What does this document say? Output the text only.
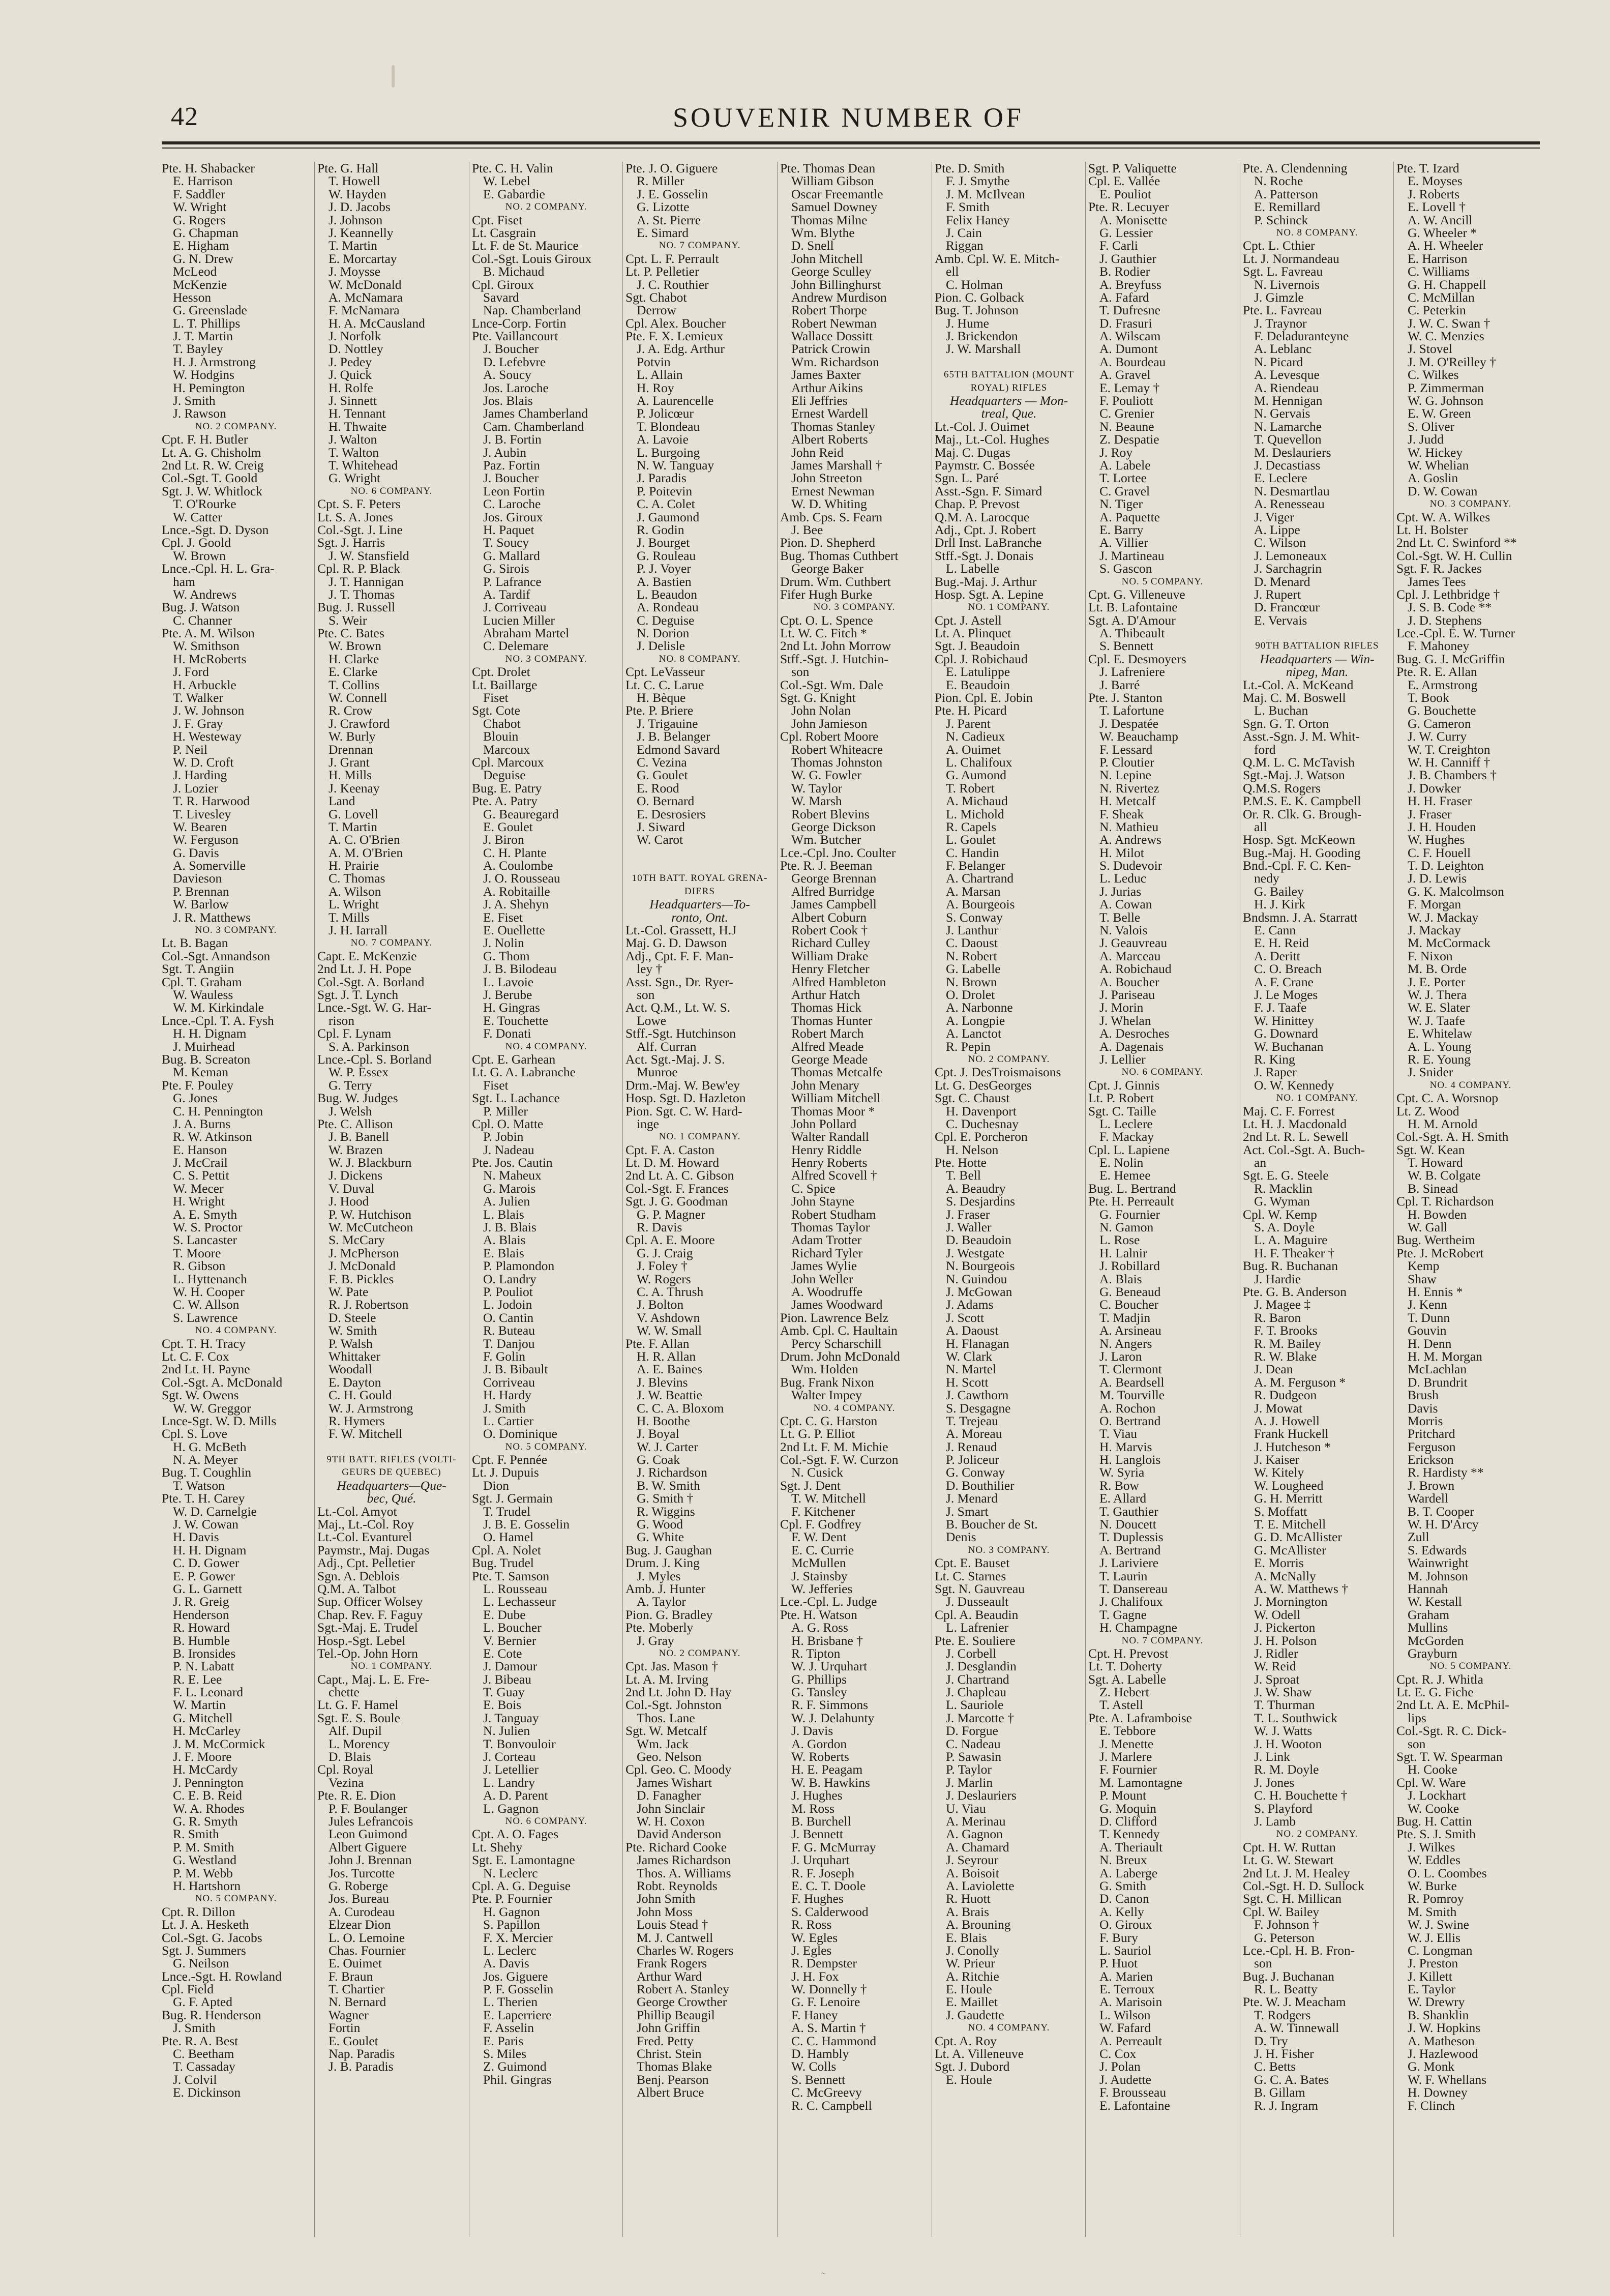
42	SOUVENIR NUMBER OF
Pte. H. Shabacker
E. Harrison
F. Saddler
W. Wright
G. Rogers
G. Chapman
E. Higham
G. N. Drew
McLeod
McKenzie
Hesson
G. Greenslade
L. T. Phillips
J. T. Martin
T. Bayley
H. J. Armstrong
W. Hodgins
H. Pemington
J. Smith
J. Rawson
NO. 2 COMPANY.
Cpt. F. H. Butler
Lt. A. G. Chisholm
2nd Lt. R. W. Creig
Col.-Sgt. T. Goold
Sgt. J. W. Whitlock
T. O'Rourke
W. Catter
Lnce.-Sgt. D. Dyson
Cpl. J. Goold
W. Brown
Lnce.-Cpl. H. L. Gra-
ham
W. Andrews
Bug. J. Watson
C. Channer
Pte. A. M. Wilson
W. Smithson
H. McRoberts
J. Ford
H. Arbuckle
T. Walker
J. W. Johnson
J. F. Gray
H. Westeway
P. Neil
W. D. Croft
J. Harding
J. Lozier
T. R. Harwood
T. Livesley
W. Bearen
W. Ferguson
G. Davis
A. Somerville
Davieson
P. Brennan
W. Barlow
J. R. Matthews
NO. 3 COMPANY.
Lt. B. Bagan
Col.-Sgt. Annandson
Sgt. T. Angiin
Cpl. T. Graham
W. Wauless
W. M. Kirkindale
Lnce.-Cpl. T. A. Fysh
H. H. Dignam
J. Muirhead
Bug. B. Screaton
M. Keman
Pte. F. Pouley
G. Jones
C. H. Pennington
J. A. Burns
R. W. Atkinson
E. Hanson
J. McCrail
C. S. Pettit
W. Mecer
H. Wright
A. E. Smyth
W. S. Proctor
S. Lancaster
T. Moore
R. Gibson
L. Hyttenanch
W. H. Cooper
C. W. Allson
S. Lawrence
NO. 4 COMPANY.
Cpt. T. H. Tracy
Lt. C. F. Cox
2nd Lt. H. Payne
Col.-Sgt. A. McDonald
Sgt. W. Owens
W. W. Greggor
Lnce-Sgt. W. D. Mills
Cpl. S. Love
H. G. McBeth
N. A. Meyer
Bug. T. Coughlin
T. Watson
Pte. T. H. Carey
W. D. Carnelgie
J. W. Cowan
H. Davis
H. H. Dignam
C. D. Gower
E. P. Gower
G. L. Garnett
J. R. Greig
Henderson
R. Howard
B. Humble
B. Ironsides
P. N. Labatt
R. E. Lee
F. L. Leonard
W. Martin
G. Mitchell
H. McCarley
J. M. McCormick
J. F. Moore
H. McCardy
J. Pennington
C. E. B. Reid
W. A. Rhodes
G. R. Smyth
R. Smith
P. M. Smith
G. Westland
P. M. Webb
H. Hartshorn
NO. 5 COMPANY.
Cpt. R. Dillon
Lt. J. A. Hesketh
Col.-Sgt. G. Jacobs
Sgt. J. Summers
G. Neilson
Lnce.-Sgt. H. Rowland
Cpl. Field
G. F. Apted
Bug. R. Henderson
J. Smith
Pte. R. A. Best
C. Beetham
T. Cassaday
J. Colvil
E. Dickinson
Pte. G. Hall
T. Howell
W. Hayden
J. D. Jacobs
J. Johnson
J. Keannelly
T. Martin
E. Morcartay
J. Moysse
W. McDonald
A. McNamara
F. McNamara
H. A. McCausland
J. Norfolk
D. Nottley
J. Pedey
J. Quick
H. Rolfe
J. Sinnett
H. Tennant
H. Thwaite
J. Walton
T. Walton
T. Whitehead
G. Wright
NO. 6 COMPANY.
Cpt. S. F. Peters
Lt. S. A. Jones
Col.-Sgt. J. Line
Sgt. J. Harris
J. W. Stansfield
Cpl. R. P. Black
J. T. Hannigan
J. T. Thomas
Bug. J. Russell
S. Weir
Pte. C. Bates
W. Brown
H. Clarke
E. Clarke
T. Collins
W. Connell
R. Crow
J. Crawford
W. Burly
Drennan
J. Grant
H. Mills
J. Keenay
Land
G. Lovell
T. Martin
A. C. O'Brien
A. M. O'Brien
H. Prairie
C. Thomas
A. Wilson
L. Wright
T. Mills
J. H. Iarrall
NO. 7 COMPANY.
Capt. E. McKenzie
2nd Lt. J. H. Pope
Col.-Sgt. A. Borland
Sgt. J. T. Lynch
Lnce.-Sgt. W. G. Har-
rison
Cpl. F. Lynam
S. A. Parkinson
Lnce.-Cpl. S. Borland
W. P. Essex
G. Terry
Bug. W. Judges
J. Welsh
Pte. C. Allison
J. B. Banell
W. Brazen
W. J. Blackburn
J. Dickens
V. Duval
J. Hood
P. W. Hutchison
W. McCutcheon
S. McCary
J. McPherson
J. McDonald
F. B. Pickles
W. Pate
R. J. Robertson
D. Steele
W. Smith
P. Walsh
Whittaker
Woodall
E. Dayton
C. H. Gould
W. J. Armstrong
R. Hymers
F. W. Mitchell
9TH BATT. RIFLES (VOLTI-
GEURS DE QUEBEC)
Headquarters—Que-
bec, Qué.
Lt.-Col. Amyot
Maj., Lt.-Col. Roy
Lt.-Col. Evanturel
Paymstr., Maj. Dugas
Adj., Cpt. Pelletier
Sgn. A. Deblois
Q.M. A. Talbot
Sup. Officer Wolsey
Chap. Rev. F. Faguy
Sgt.-Maj. E. Trudel
Hosp.-Sgt. Lebel
Tel.-Op. John Horn
NO. 1 COMPANY.
Capt., Maj. L. E. Fre-
chette
Lt. G. F. Hamel
Sgt. E. S. Boule
Alf. Dupil
L. Morency
D. Blais
Cpl. Royal
Vezina
Pte. R. E. Dion
P. F. Boulanger
Jules Lefrancois
Leon Guimond
Albert Giguere
John J. Brennan
Jos. Turcotte
G. Roberge
Jos. Bureau
A. Curodeau
Elzear Dion
L. O. Lemoine
Chas. Fournier
E. Ouimet
F. Braun
T. Chartier
N. Bernard
Wagner
Fortin
E. Goulet
Nap. Paradis
J. B. Paradis
Pte. C. H. Valin
W. Lebel
E. Gabardie
NO. 2 COMPANY.
Cpt. Fiset
Lt. Casgrain
Lt. F. de St. Maurice
Col.-Sgt. Louis Giroux
B. Michaud
Cpl. Giroux
Savard
Nap. Chamberland
Lnce-Corp. Fortin
Pte. Vaillancourt
J. Boucher
D. Lefebvre
A. Soucy
Jos. Laroche
Jos. Blais
James Chamberland
Cam. Chamberland
J. B. Fortin
J. Aubin
Paz. Fortin
J. Boucher
Leon Fortin
C. Laroche
Jos. Giroux
H. Paquet
T. Soucy
G. Mallard
G. Sirois
P. Lafrance
A. Tardif
J. Corriveau
Lucien Miller
Abraham Martel
C. Delemare
NO. 3 COMPANY.
Cpt. Drolet
Lt. Baillarge
Fiset
Sgt. Cote
Chabot
Blouin
Marcoux
Cpl. Marcoux
Deguise
Bug. E. Patry
Pte. A. Patry
G. Beauregard
E. Goulet
J. Biron
C. H. Plante
A. Coulombe
J. O. Rousseau
A. Robitaille
J. A. Shehyn
E. Fiset
E. Ouellette
J. Nolin
G. Thom
J. B. Bilodeau
L. Lavoie
J. Berube
H. Gingras
E. Touchette
F. Donati
NO. 4 COMPANY.
Cpt. E. Garhean
Lt. G. A. Labranche
Fiset
Sgt. L. Lachance
P. Miller
Cpl. O. Matte
P. Jobin
J. Nadeau
Pte. Jos. Cautin
N. Maheux
G. Marois
A. Julien
L. Blais
J. B. Blais
A. Blais
E. Blais
P. Plamondon
O. Landry
P. Pouliot
L. Jodoin
O. Cantin
R. Buteau
T. Danjou
F. Golin
J. B. Bibault
Corriveau
H. Hardy
J. Smith
L. Cartier
O. Dominique
NO. 5 COMPANY.
Cpt. F. Pennée
Lt. J. Dupuis
Dion
Sgt. J. Germain
T. Trudel
J. B. E. Gosselin
O. Hamel
Cpl. A. Nolet
Bug. Trudel
Pte. T. Samson
L. Rousseau
L. Lechasseur
E. Dube
L. Boucher
V. Bernier
E. Cote
J. Damour
J. Bibeau
T. Guay
E. Bois
J. Tanguay
N. Julien
T. Bonvouloir
J. Corteau
J. Letellier
L. Landry
A. D. Parent
L. Gagnon
NO. 6 COMPANY.
Cpt. A. O. Fages
Lt. Shehy
Sgt. E. Lamontagne
N. Leclerc
Cpl. A. G. Deguise
Pte. P. Fournier
H. Gagnon
S. Papillon
F. X. Mercier
L. Leclerc
A. Davis
Jos. Giguere
P. F. Gosselin
L. Therien
E. Laperriere
F. Asselin
E. Paris
S. Miles
Z. Guimond
Phil. Gingras
Pte. J. O. Giguere
R. Miller
J. E. Gosselin
G. Lizotte
A. St. Pierre
E. Simard
NO. 7 COMPANY.
Cpt. L. F. Perrault
Lt. P. Pelletier
J. C. Routhier
Sgt. Chabot
Derrow
Cpl. Alex. Boucher
Pte. F. X. Lemieux
J. A. Edg. Arthur
Potvin
L. Allain
H. Roy
A. Laurencelle
P. Jolicœur
T. Blondeau
A. Lavoie
L. Burgoing
N. W. Tanguay
J. Paradis
P. Poitevin
C. A. Colet
J. Gaumond
R. Godin
J. Bourget
G. Rouleau
P. J. Voyer
A. Bastien
L. Beaudon
A. Rondeau
C. Deguise
N. Dorion
J. Delisle
NO. 8 COMPANY.
Cpt. LeVasseur
Lt. C. C. Larue
H. Bèque
Pte. P. Briere
J. Trigauine
J. B. Belanger
Edmond Savard
C. Vezina
G. Goulet
E. Rood
O. Bernard
E. Desrosiers
J. Siward
W. Carot
10TH BATT. ROYAL GRENA-
DIERS
Headquarters—To-
ronto, Ont.
Lt.-Col. Grassett, H.J
Maj. G. D. Dawson
Adj., Cpt. F. F. Man-
ley †
Asst. Sgn., Dr. Ryer-
son
Act. Q.M., Lt. W. S.
Lowe
Stff.-Sgt. Hutchinson
Alf. Curran
Act. Sgt.-Maj. J. S.
Munroe
Drm.-Maj. W. Bew'ey
Hosp. Sgt. D. Hazleton
Pion. Sgt. C. W. Hard-
inge
NO. 1 COMPANY.
Cpt. F. A. Caston
Lt. D. M. Howard
2nd Lt. A. C. Gibson
Col.-Sgt. F. Frances
Sgt. J. G. Goodman
G. P. Magner
R. Davis
Cpl. A. E. Moore
G. J. Craig
J. Foley †
W. Rogers
C. A. Thrush
J. Bolton
V. Ashdown
W. W. Small
Pte. F. Allan
H. R. Allan
A. E. Baines
J. Blevins
J. W. Beattie
C. C. A. Bloxom
H. Boothe
J. Boyal
W. J. Carter
G. Coak
J. Richardson
B. W. Smith
G. Smith †
R. Wiggins
G. Wood
G. White
Bug. J. Gaughan
Drum. J. King
J. Myles
Amb. J. Hunter
A. Taylor
Pion. G. Bradley
Pte. Moberly
J. Gray
NO. 2 COMPANY.
Cpt. Jas. Mason †
Lt. A. M. Irving
2nd Lt. John D. Hay
Col.-Sgt. Johnston
Thos. Lane
Sgt. W. Metcalf
Wm. Jack
Geo. Nelson
Cpl. Geo. C. Moody
James Wishart
D. Fanagher
John Sinclair
W. H. Coxon
David Anderson
Pte. Richard Cooke
James Richardson
Thos. A. Williams
Robt. Reynolds
John Smith
John Moss
Louis Stead †
M. J. Cantwell
Charles W. Rogers
Frank Rogers
Arthur Ward
Robert A. Stanley
George Crowther
Phillip Beaugil
John Griffin
Fred. Petty
Christ. Stein
Thomas Blake
Benj. Pearson
Albert Bruce
Pte. Thomas Dean
William Gibson
Oscar Freemantle
Samuel Downey
Thomas Milne
Wm. Blythe
D. Snell
John Mitchell
George Sculley
John Billinghurst
Andrew Murdison
Robert Thorpe
Robert Newman
Wallace Dossitt
Patrick Crowin
Wm. Richardson
James Baxter
Arthur Aikins
Eli Jeffries
Ernest Wardell
Thomas Stanley
Albert Roberts
John Reid
James Marshall †
John Streeton
Ernest Newman
W. D. Whiting
Amb. Cps. S. Fearn
J. Bee
Pion. D. Shepherd
Bug. Thomas Cuthbert
George Baker
Drum. Wm. Cuthbert
Fifer Hugh Burke
NO. 3 COMPANY.
Cpt. O. L. Spence
Lt. W. C. Fitch *
2nd Lt. John Morrow
Stff.-Sgt. J. Hutchin-
son
Col.-Sgt. Wm. Dale
Sgt. G. Knight
John Nolan
John Jamieson
Cpl. Robert Moore
Robert Whiteacre
Thomas Johnston
W. G. Fowler
W. Taylor
W. Marsh
Robert Blevins
George Dickson
Wm. Butcher
Lce.-Cpl. Jno. Coulter
Pte. R. J. Beeman
George Brennan
Alfred Burridge
James Campbell
Albert Coburn
Robert Cook †
Richard Culley
William Drake
Henry Fletcher
Alfred Hambleton
Arthur Hatch
Thomas Hick
Thomas Hunter
Robert March
Alfred Meade
George Meade
Thomas Metcalfe
John Menary
William Mitchell
Thomas Moor *
John Pollard
Walter Randall
Henry Riddle
Henry Roberts
Alfred Scovell †
C. Spice
John Stayne
Robert Studham
Thomas Taylor
Adam Trotter
Richard Tyler
James Wylie
John Weller
A. Woodruffe
James Woodward
Pion. Lawrence Belz
Amb. Cpl. C. Haultain
Percy Scharschill
Drum. John McDonald
Wm. Holden
Bug. Frank Nixon
Walter Impey
NO. 4 COMPANY.
Cpt. C. G. Harston
Lt. G. P. Elliot
2nd Lt. F. M. Michie
Col.-Sgt. F. W. Curzon
N. Cusick
Sgt. J. Dent
T. W. Mitchell
F. Kitchener
Cpl. F. Godfrey
F. W. Dent
E. C. Currie
McMullen
J. Stainsby
W. Jefferies
Lce.-Cpl. L. Judge
Pte. H. Watson
A. G. Ross
H. Brisbane †
R. Tipton
W. J. Urquhart
G. Phillips
G. Tansley
R. F. Simmons
W. J. Delahunty
J. Davis
A. Gordon
W. Roberts
H. E. Peagam
W. B. Hawkins
J. Hughes
M. Ross
B. Burchell
J. Bennett
F. G. McMurray
J. Urquhart
R. F. Joseph
E. C. T. Doole
F. Hughes
S. Calderwood
R. Ross
W. Egles
J. Egles
R. Dempster
J. H. Fox
W. Donnelly †
G. F. Lenoire
F. Haney
A. S. Martin †
C. C. Hammond
D. Hambly
W. Colls
S. Bennett
C. McGreevy
R. C. Campbell
Pte. D. Smith
F. J. Smythe
J. M. McIlvean
F. Smith
Felix Haney
J. Cain
Riggan
Amb. Cpl. W. E. Mitch-
ell
C. Holman
Pion. C. Golback
Bug. T. Johnson
J. Hume
J. Brickendon
J. W. Marshall
65TH BATTALION (MOUNT
ROYAL) RIFLES
Headquarters — Mon-
treal, Que.
Lt.-Col. J. Ouimet
Maj., Lt.-Col. Hughes
Maj. C. Dugas
Paymstr. C. Bossée
Sgn. L. Paré
Asst.-Sgn. F. Simard
Chap. P. Prevost
Q.M. A. Larocque
Adj., Cpt. J. Robert
Drll Inst. LaBranche
Stff.-Sgt. J. Donais
L. Labelle
Bug.-Maj. J. Arthur
Hosp. Sgt. A. Lepine
NO. 1 COMPANY.
Cpt. J. Astell
Lt. A. Plinquet
Sgt. J. Beaudoin
Cpl. J. Robichaud
E. Latulippe
E. Beaudoin
Pion. Cpl. E. Jobin
Pte. H. Picard
J. Parent
N. Cadieux
A. Ouimet
L. Chalifoux
G. Aumond
T. Robert
A. Michaud
L. Michold
R. Capels
L. Goulet
C. Handin
F. Belanger
A. Chartrand
A. Marsan
A. Bourgeois
S. Conway
J. Lanthur
C. Daoust
N. Robert
G. Labelle
N. Brown
O. Drolet
A. Narbonne
A. Longpie
A. Lanctot
R. Pepin
NO. 2 COMPANY.
Cpt. J. DesTroismaisons
Lt. G. DesGeorges
Sgt. C. Chaust
H. Davenport
C. Duchesnay
Cpl. E. Porcheron
H. Nelson
Pte. Hotte
T. Bell
A. Beaudry
S. Desjardins
J. Fraser
J. Waller
D. Beaudoin
J. Westgate
N. Bourgeois
N. Guindou
J. McGowan
J. Adams
J. Scott
A. Daoust
H. Flanagan
W. Clark
N. Martel
H. Scott
J. Cawthorn
S. Desgagne
T. Trejeau
A. Moreau
J. Renaud
P. Joliceur
G. Conway
D. Bouthilier
J. Menard
J. Smart
B. Boucher de St.
Denis
NO. 3 COMPANY.
Cpt. E. Bauset
Lt. C. Starnes
Sgt. N. Gauvreau
J. Dusseault
Cpl. A. Beaudin
L. Lafrenier
Pte. E. Souliere
J. Corbell
J. Desglandin
J. Chartrand
J. Chapleau
L. Sauriole
J. Marcotte †
D. Forgue
C. Nadeau
P. Sawasin
P. Taylor
J. Marlin
J. Deslauriers
U. Viau
A. Merinau
A. Gagnon
A. Chamard
J. Seyrour
A. Boisoit
A. Laviolette
R. Huott
A. Brais
A. Brouning
E. Blais
J. Conolly
W. Prieur
A. Ritchie
E. Houle
E. Maillet
J. Gaudette
NO. 4 COMPANY.
Cpt. A. Roy
Lt. A. Villeneuve
Sgt. J. Dubord
E. Houle
Sgt. P. Valiquette
Cpl. E. Vallée
E. Pouliot
Pte. R. Lecuyer
A. Monisette
G. Lessier
F. Carli
J. Gauthier
B. Rodier
A. Breyfuss
A. Fafard
T. Dufresne
D. Frasuri
A. Wilscam
A. Dumont
A. Bourdeau
A. Gravel
E. Lemay †
F. Pouliott
C. Grenier
N. Beaune
Z. Despatie
J. Roy
A. Labele
T. Lortee
C. Gravel
N. Tiger
A. Paquette
E. Barry
A. Villier
J. Martineau
S. Gascon
NO. 5 COMPANY.
Cpt. G. Villeneuve
Lt. B. Lafontaine
Sgt. A. D'Amour
A. Thibeault
S. Bennett
Cpl. E. Desmoyers
J. Lafreniere
J. Barré
Pte. J. Stanton
T. Lafortune
J. Despatée
W. Beauchamp
F. Lessard
P. Cloutier
N. Lepine
N. Rivertez
H. Metcalf
F. Sheak
N. Mathieu
A. Andrews
H. Milot
S. Dudevoir
L. Leduc
J. Jurias
A. Cowan
T. Belle
N. Valois
J. Geauvreau
A. Marceau
A. Robichaud
A. Boucher
J. Pariseau
J. Morin
J. Whelan
A. Desroches
A. Dagenais
J. Lellier
NO. 6 COMPANY.
Cpt. J. Ginnis
Lt. P. Robert
Sgt. C. Taille
L. Leclere
F. Mackay
Cpl. L. Lapiene
E. Nolin
E. Hemee
Bug. L. Bertrand
Pte. H. Perreault
G. Fournier
N. Gamon
L. Rose
H. Lalnir
J. Robillard
A. Blais
G. Beneaud
C. Boucher
T. Madjin
A. Arsineau
N. Angers
J. Laron
T. Clermont
A. Beardsell
M. Tourville
A. Rochon
O. Bertrand
T. Viau
H. Marvis
H. Langlois
W. Syria
R. Bow
E. Allard
T. Gauthier
N. Doucett
T. Duplessis
A. Bertrand
J. Lariviere
T. Laurin
T. Dansereau
J. Chalifoux
T. Gagne
H. Champagne
NO. 7 COMPANY.
Cpt. H. Prevost
Lt. T. Doherty
Sgt. A. Labelle
Z. Hebert
T. Astell
Pte. A. Laframboise
E. Tebbore
J. Menette
J. Marlere
F. Fournier
M. Lamontagne
P. Mount
G. Moquin
D. Clifford
T. Kennedy
A. Theriault
N. Breux
A. Laberge
G. Smith
D. Canon
A. Kelly
O. Giroux
F. Bury
L. Sauriol
P. Huot
A. Marien
E. Terroux
A. Marisoin
L. Wilson
W. Fafard
A. Perreault
C. Cox
J. Polan
J. Audette
F. Brousseau
E. Lafontaine
Pte. A. Clendenning
N. Roche
A. Patterson
E. Remillard
P. Schinck
NO. 8 COMPANY.
Cpt. L. Cthier
Lt. J. Normandeau
Sgt. L. Favreau
N. Livernois
J. Gimzle
Pte. L. Favreau
J. Traynor
F. Deladuranteyne
A. Leblanc
N. Picard
A. Levesque
A. Riendeau
M. Hennigan
N. Gervais
N. Lamarche
T. Quevellon
M. Deslauriers
J. Decastiass
E. Leclere
N. Desmartlau
A. Renesseau
J. Viger
A. Lippe
C. Wilson
J. Lemoneaux
J. Sarchagrin
D. Menard
J. Rupert
D. Francœur
E. Vervais
90TH BATTALION RIFLES
Headquarters — Win-
nipeg, Man.
Lt.-Col. A. McKeand
Maj. C. M. Boswell
L. Buchan
Sgn. G. T. Orton
Asst.-Sgn. J. M. Whit-
ford
Q.M. L. C. McTavish
Sgt.-Maj. J. Watson
Q.M.S. Rogers
P.M.S. E. K. Campbell
Or. R. Clk. G. Brough-
all
Hosp. Sgt. McKeown
Bug.-Maj. H. Gooding
Bnd.-Cpl. F. C. Ken-
nedy
G. Bailey
H. J. Kirk
Bndsmn. J. A. Starratt
E. Cann
E. H. Reid
A. Deritt
C. O. Breach
A. F. Crane
J. Le Moges
F. J. Taafe
W. Hinittey
G. Downard
W. Buchanan
R. King
J. Raper
O. W. Kennedy
NO. 1 COMPANY.
Maj. C. F. Forrest
Lt. H. J. Macdonald
2nd Lt. R. L. Sewell
Act. Col.-Sgt. A. Buch-
an
Sgt. E. G. Steele
R. Macklin
G. Wyman
Cpl. W. Kemp
S. A. Doyle
L. A. Maguire
H. F. Theaker †
Bug. R. Buchanan
J. Hardie
Pte. G. B. Anderson
J. Magee ‡
R. Baron
F. T. Brooks
R. M. Bailey
R. W. Blake
J. Dean
A. M. Ferguson *
R. Dudgeon
J. Mowat
A. J. Howell
Frank Huckell
J. Hutcheson *
J. Kaiser
W. Kitely
W. Lougheed
G. H. Merritt
S. Moffatt
T. E. Mitchell
G. D. McAllister
G. McAllister
E. Morris
A. McNally
A. W. Matthews †
J. Mornington
W. Odell
J. Pickerton
J. H. Polson
J. Ridler
W. Reid
J. Sproat
J. W. Shaw
T. Thurman
T. L. Southwick
W. J. Watts
J. H. Wooton
J. Link
R. M. Doyle
J. Jones
C. H. Bouchette †
S. Playford
J. Lamb
NO. 2 COMPANY.
Cpt. H. W. Ruttan
Lt. G. W. Stewart
2nd Lt. J. M. Healey
Col.-Sgt. H. D. Sullock
Sgt. C. H. Millican
Cpl. W. Bailey
F. Johnson †
G. Peterson
Lce.-Cpl. H. B. Fron-
son
Bug. J. Buchanan
R. L. Beatty
Pte. W. J. Meacham
T. Rodgers
A. W. Tinnewall
D. Try
J. H. Fisher
C. Betts
G. C. A. Bates
B. Gillam
R. J. Ingram
Pte. T. Izard
E. Moyses
J. Roberts
E. Lovell †
A. W. Ancill
G. Wheeler *
A. H. Wheeler
E. Harrison
C. Williams
G. H. Chappell
C. McMillan
C. Peterkin
J. W. C. Swan †
W. C. Menzies
J. Stovel
J. M. O'Reilley †
C. Wilkes
P. Zimmerman
W. G. Johnson
E. W. Green
S. Oliver
J. Judd
W. Hickey
W. Whelian
A. Goslin
D. W. Cowan
NO. 3 COMPANY.
Cpt. W. A. Wilkes
Lt. H. Bolster
2nd Lt. C. Swinford **
Col.-Sgt. W. H. Cullin
Sgt. F. R. Jackes
James Tees
Cpl. J. Lethbridge †
J. S. B. Code **
J. D. Stephens
Lce.-Cpl. E. W. Turner
F. Mahoney
Bug. G. J. McGriffin
Pte. R. E. Allan
E. Armstrong
T. Book
G. Bouchette
G. Cameron
J. W. Curry
W. T. Creighton
W. H. Canniff †
J. B. Chambers †
J. Dowker
H. H. Fraser
J. Fraser
J. H. Houden
W. Hughes
C. F. Houell
T. D. Leighton
J. D. Lewis
G. K. Malcolmson
F. Morgan
W. J. Mackay
J. Mackay
M. McCormack
F. Nixon
M. B. Orde
J. E. Porter
W. J. Thera
W. E. Slater
W. J. Taafe
E. Whitelaw
A. L. Young
R. E. Young
J. Snider
NO. 4 COMPANY.
Cpt. C. A. Worsnop
Lt. Z. Wood
H. M. Arnold
Col.-Sgt. A. H. Smith
Sgt. W. Kean
T. Howard
W. B. Colgate
B. Sinead
Cpl. T. Richardson
H. Bowden
W. Gall
Bug. Wertheim
Pte. J. McRobert
Kemp
Shaw
H. Ennis *
J. Kenn
T. Dunn
Gouvin
H. Denn
H. M. Morgan
McLachlan
D. Brundrit
Brush
Davis
Morris
Pritchard
Ferguson
Erickson
R. Hardisty **
J. Brown
Wardell
B. T. Cooper
W. H. D'Arcy
Zull
S. Edwards
Wainwright
M. Johnson
Hannah
W. Kestall
Graham
Mullins
McGorden
Grayburn
NO. 5 COMPANY.
Cpt. R. J. Whitla
Lt. E. G. Fiche
2nd Lt. A. E. McPhil-
lips
Col.-Sgt. R. C. Dick-
son
Sgt. T. W. Spearman
H. Cooke
Cpl. W. Ware
J. Lockhart
W. Cooke
Bug. H. Cattin
Pte. S. J. Smith
J. Wilkes
W. Eddles
O. L. Coombes
W. Burke
R. Pomroy
M. Smith
W. J. Swine
W. J. Ellis
C. Longman
J. Preston
J. Killett
E. Taylor
W. Drewry
B. Shanklin
J. W. Hopkins
A. Matheson
J. Hazlewood
G. Monk
W. F. Whellans
H. Downey
F. Clinch
~
